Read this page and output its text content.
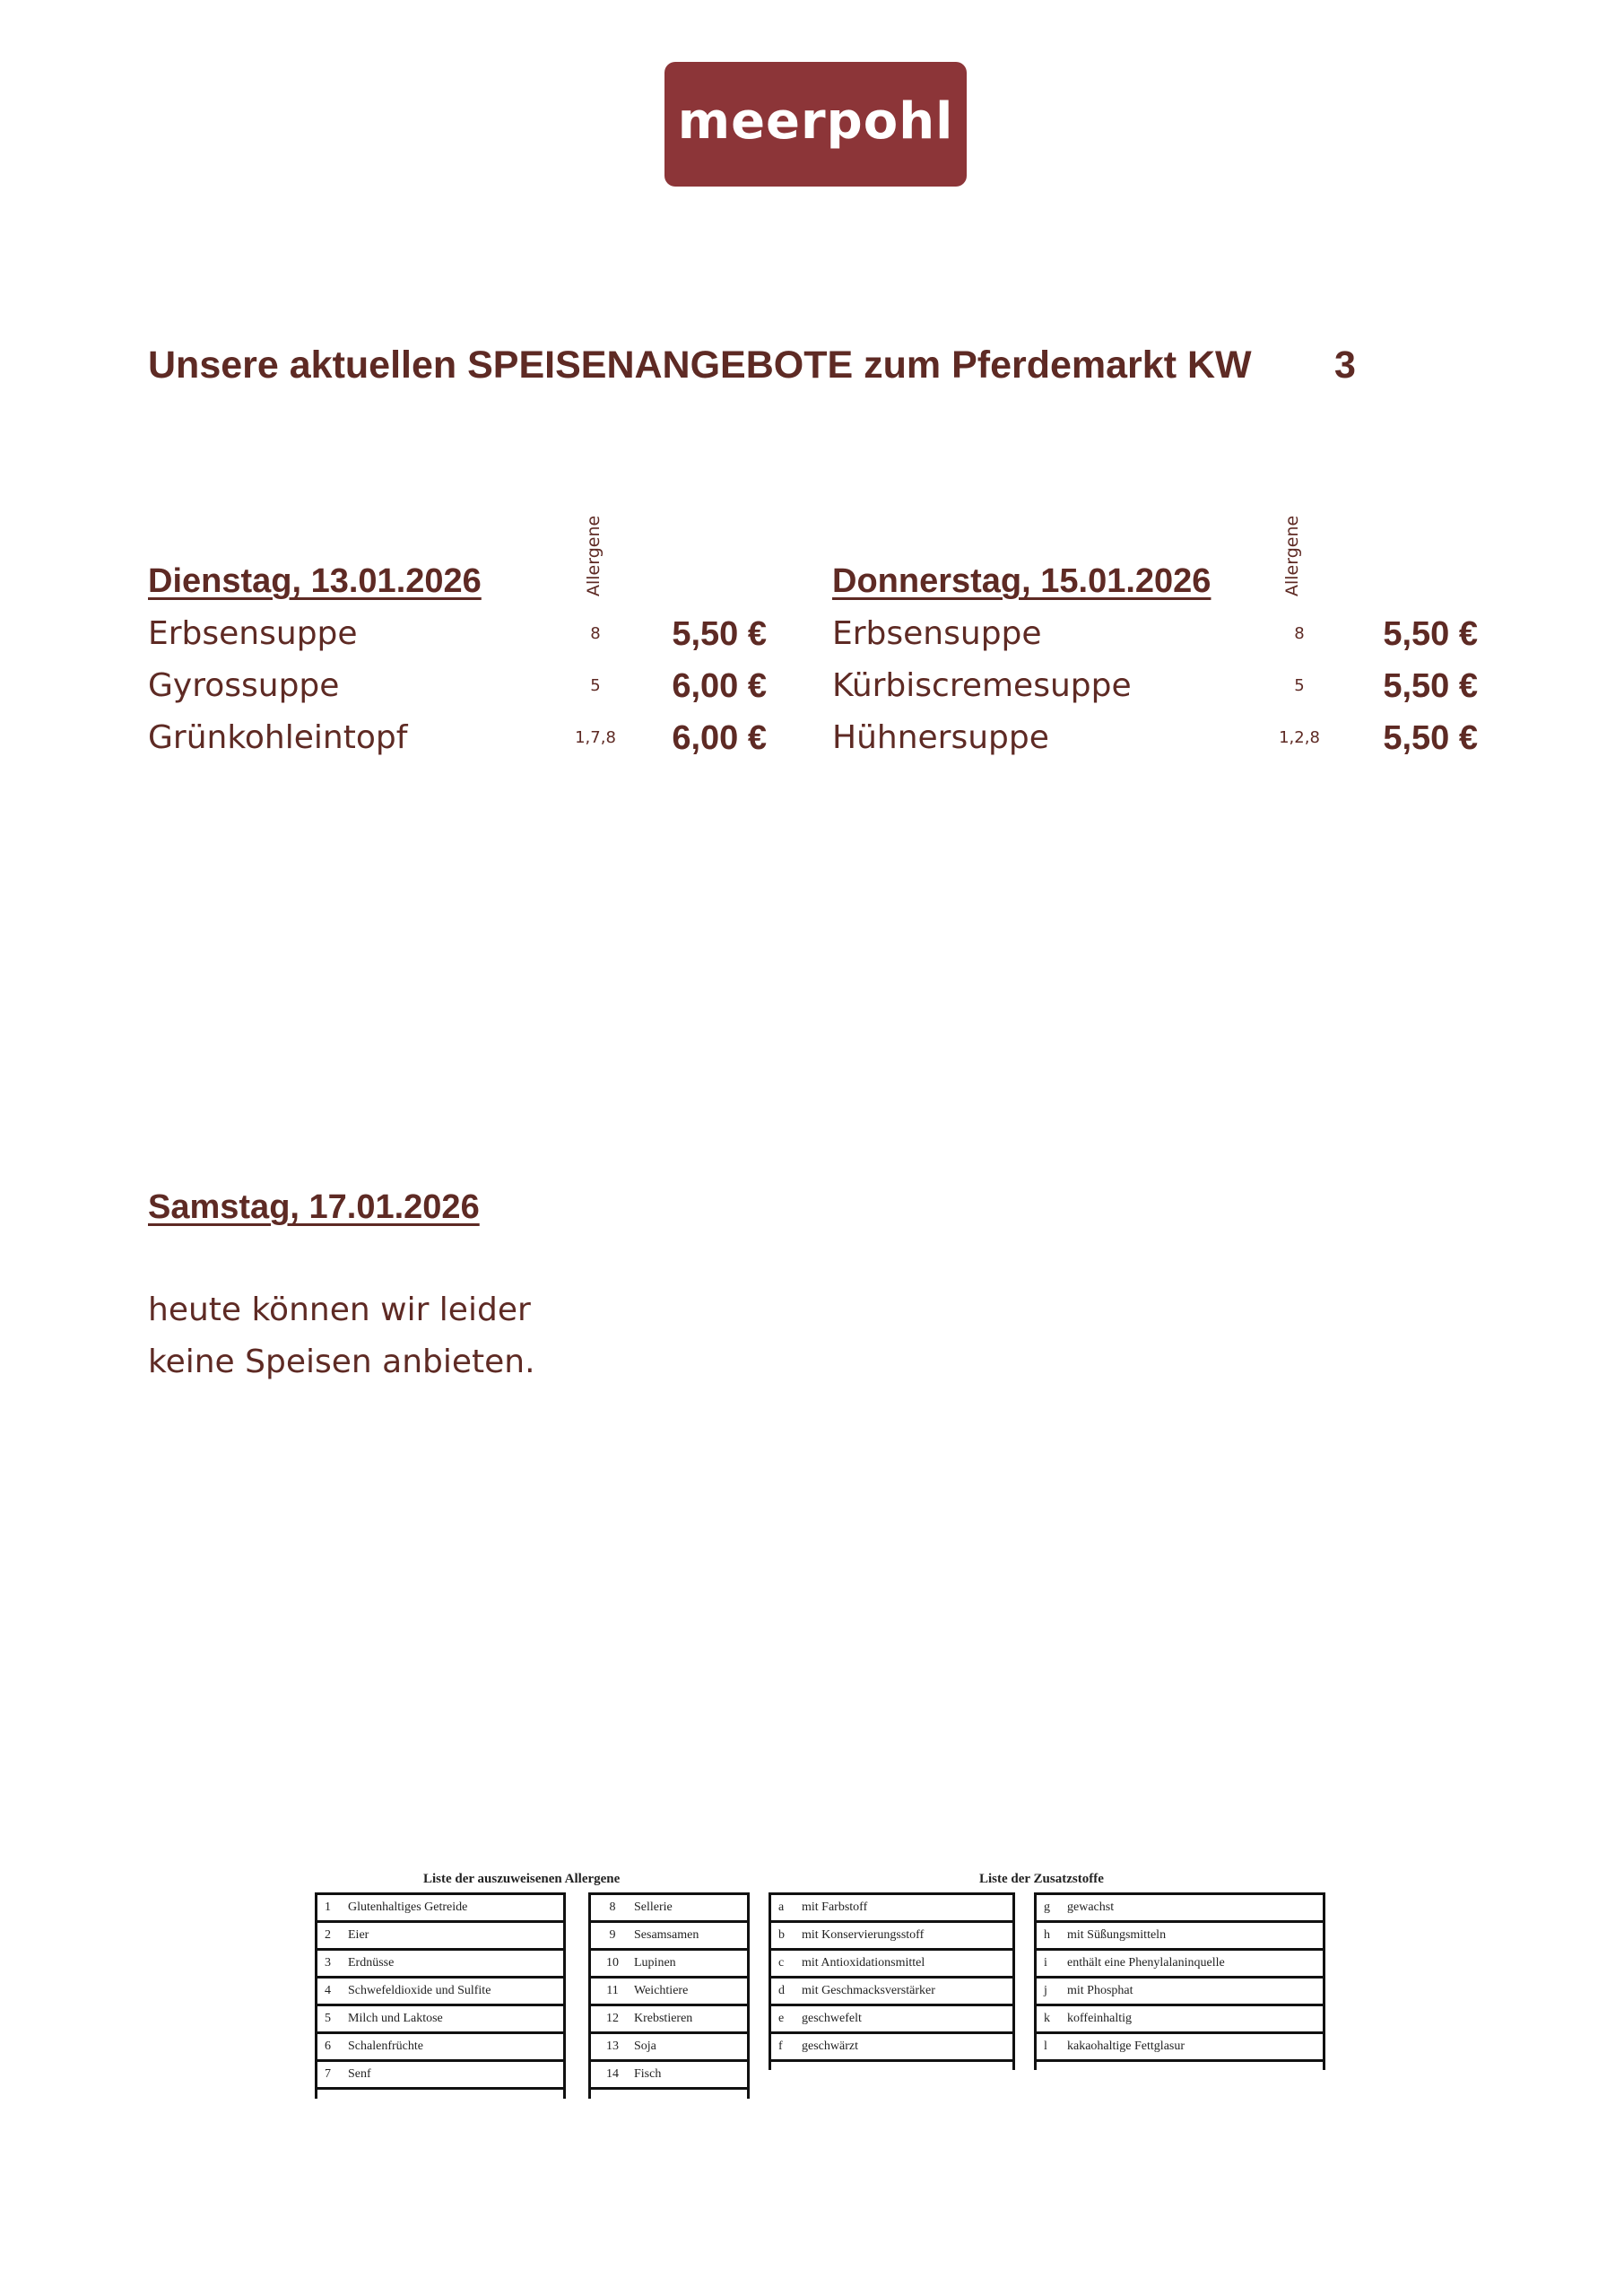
meerpohl
Unsere aktuellen SPEISENANGEBOTE zum Pferdemarkt KW 3
Allergene
Dienstag, 13.01.2026
Erbsensuppe	8 5,50 €
Gyrossuppe	5 6,00 €
Grünkohleintopf	1,7,8 6,00 €
Allergene
Donnerstag, 15.01.2026
Erbsensuppe	8 5,50 €
Kürbiscremesuppe	5 5,50 €
Hühnersuppe	1,2,8 5,50 €
Samstag, 17.01.2026
heute können wir leider
keine Speisen anbieten.
Liste der auszuweisenen Allergene
1	Glutenhaltiges Getreide
2	Eier
3	Erdnüsse
4	Schwefeldioxide und Sulfite
5	Milch und Laktose
6	Schalenfrüchte
7	Senf
8	Sellerie
9	Sesamsamen
10	Lupinen
11	Weichtiere
12	Krebstieren
13	Soja
14	Fisch
Liste der Zusatzstoffe
a	mit Farbstoff
b	mit Konservierungsstoff
c	mit Antioxidationsmittel
d	mit Geschmacksverstärker
e	geschwefelt
f	geschwärzt
g	gewachst
h	mit Süßungsmitteln
i	enthält eine Phenylalaninquelle
j	mit Phosphat
k	koffeinhaltig
l	kakaohaltige Fettglasur
